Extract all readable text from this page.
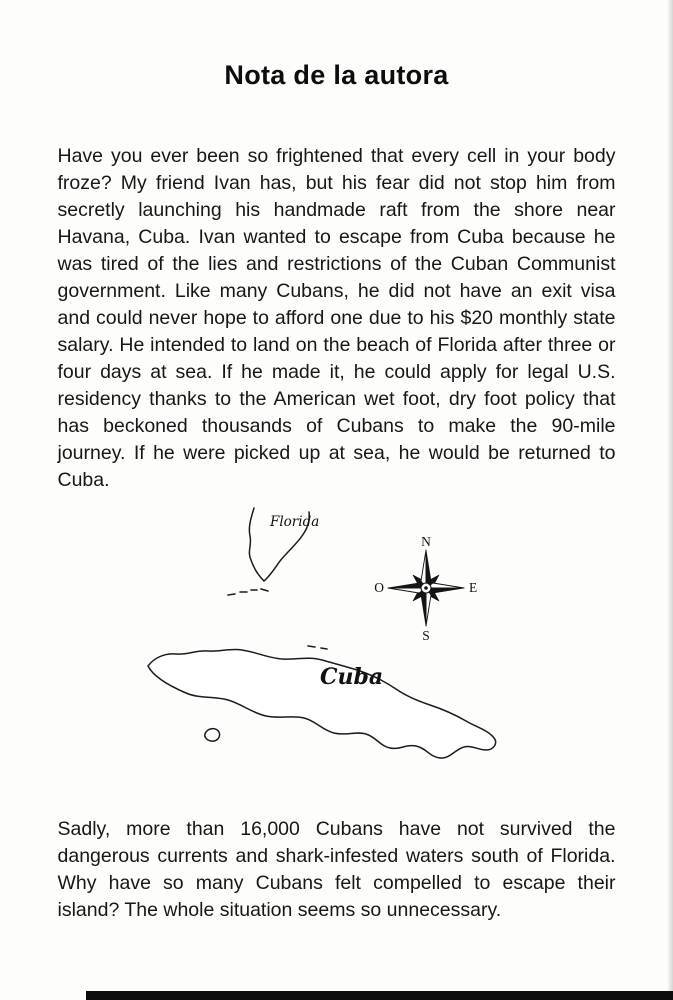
Nota de la autora

Have you ever been so frightened that every cell in your body froze? My friend Ivan has, but his fear did not stop him from secretly launching his handmade raft from the shore near Havana, Cuba. Ivan wanted to escape from Cuba because he was tired of the lies and restrictions of the Cuban Communist government. Like many Cubans, he did not have an exit visa and could never hope to afford one due to his $20 monthly state salary. He intended to land on the beach of Florida after three or four days at sea. If he made it, he could apply for legal U.S. residency thanks to the American wet foot, dry foot policy that has beckoned thousands of Cubans to make the 90-mile journey. If he were picked up at sea, he would be returned to Cuba.

Florida
N
E
S
O
Cuba

Sadly, more than 16,000 Cubans have not survived the dangerous currents and shark-infested waters south of Florida. Why have so many Cubans felt compelled to escape their island? The whole situation seems so unnecessary.
